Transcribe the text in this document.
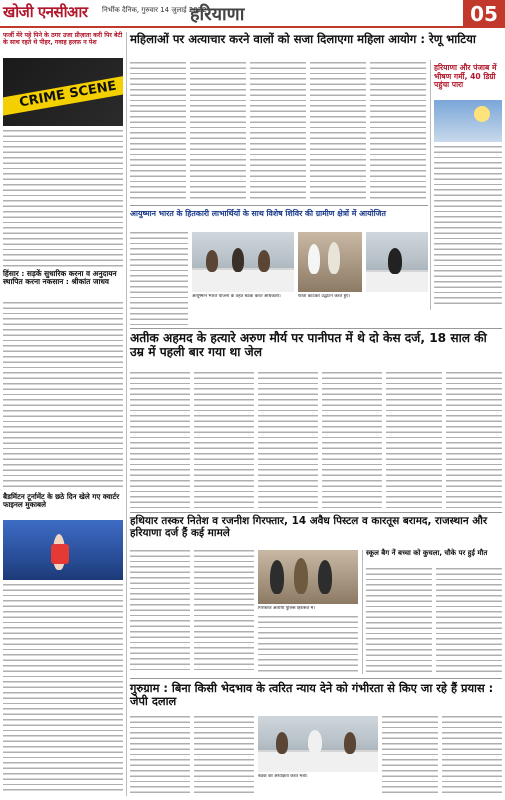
खोजी एनसीआर निर्भीक दैनिक, गुरुवार 14 जुलाई 2022
हरियाणा	05
फर्जी मेरे पहे पिने के ठगर उजा प्रीज़ाता करी पिर बेटी के साथ रहते थे पीहर, गवाह हलफ़ न पेश
CRIME SCENE
हिंसार : सड़कें सुधारिक करना व अनुदायन स्थापित करना नकसान : श्रीकांत जाधव
बैडमिंटन टूर्नामेंट के छठे दिन खेले गए क्वार्टर फाइनल मुकाबले
महिलाओं पर अत्याचार करने वालों को सजा दिलाएगा महिला आयोग : रेणू भाटिया
हरियाणा और पंजाब में भीषण गर्मी, 40 डिग्री पहुंचा पारा
आयुष्मान भारत के हितकारी लाभार्थियों के साथ विशेष शिविर की ग्रामीण क्षेत्रों में आयोजित
आयुष्मान भारत योजना के तहत बैठक करते अधिकारी।	फीता काटकर उद्घाटन करते हुए।
अतीक अहमद के हत्यारे अरुण मौर्य पर पानीपत में थे दो केस दर्ज, 18 साल की उम्र में पहली बार गया था जेल
हथियार तस्कर नितेश व रजनीश गिरफ्तार, 14 अवैध पिस्टल व कारतूस बरामद, राजस्थान और हरियाणा दर्ज हैं कई मामले
गिरफ्तार आरोपी पुलिस हिरासत में।
स्कूल बैग नें बच्चा को कुचला, चौके पर हुई मौत
गुरुग्राम : बिना किसी भेदभाव के त्वरित न्याय देने को गंभीरता से किए जा रहे हैं प्रयास : जेपी दलाल
बैठक की अध्यक्षता करते मंत्री।
